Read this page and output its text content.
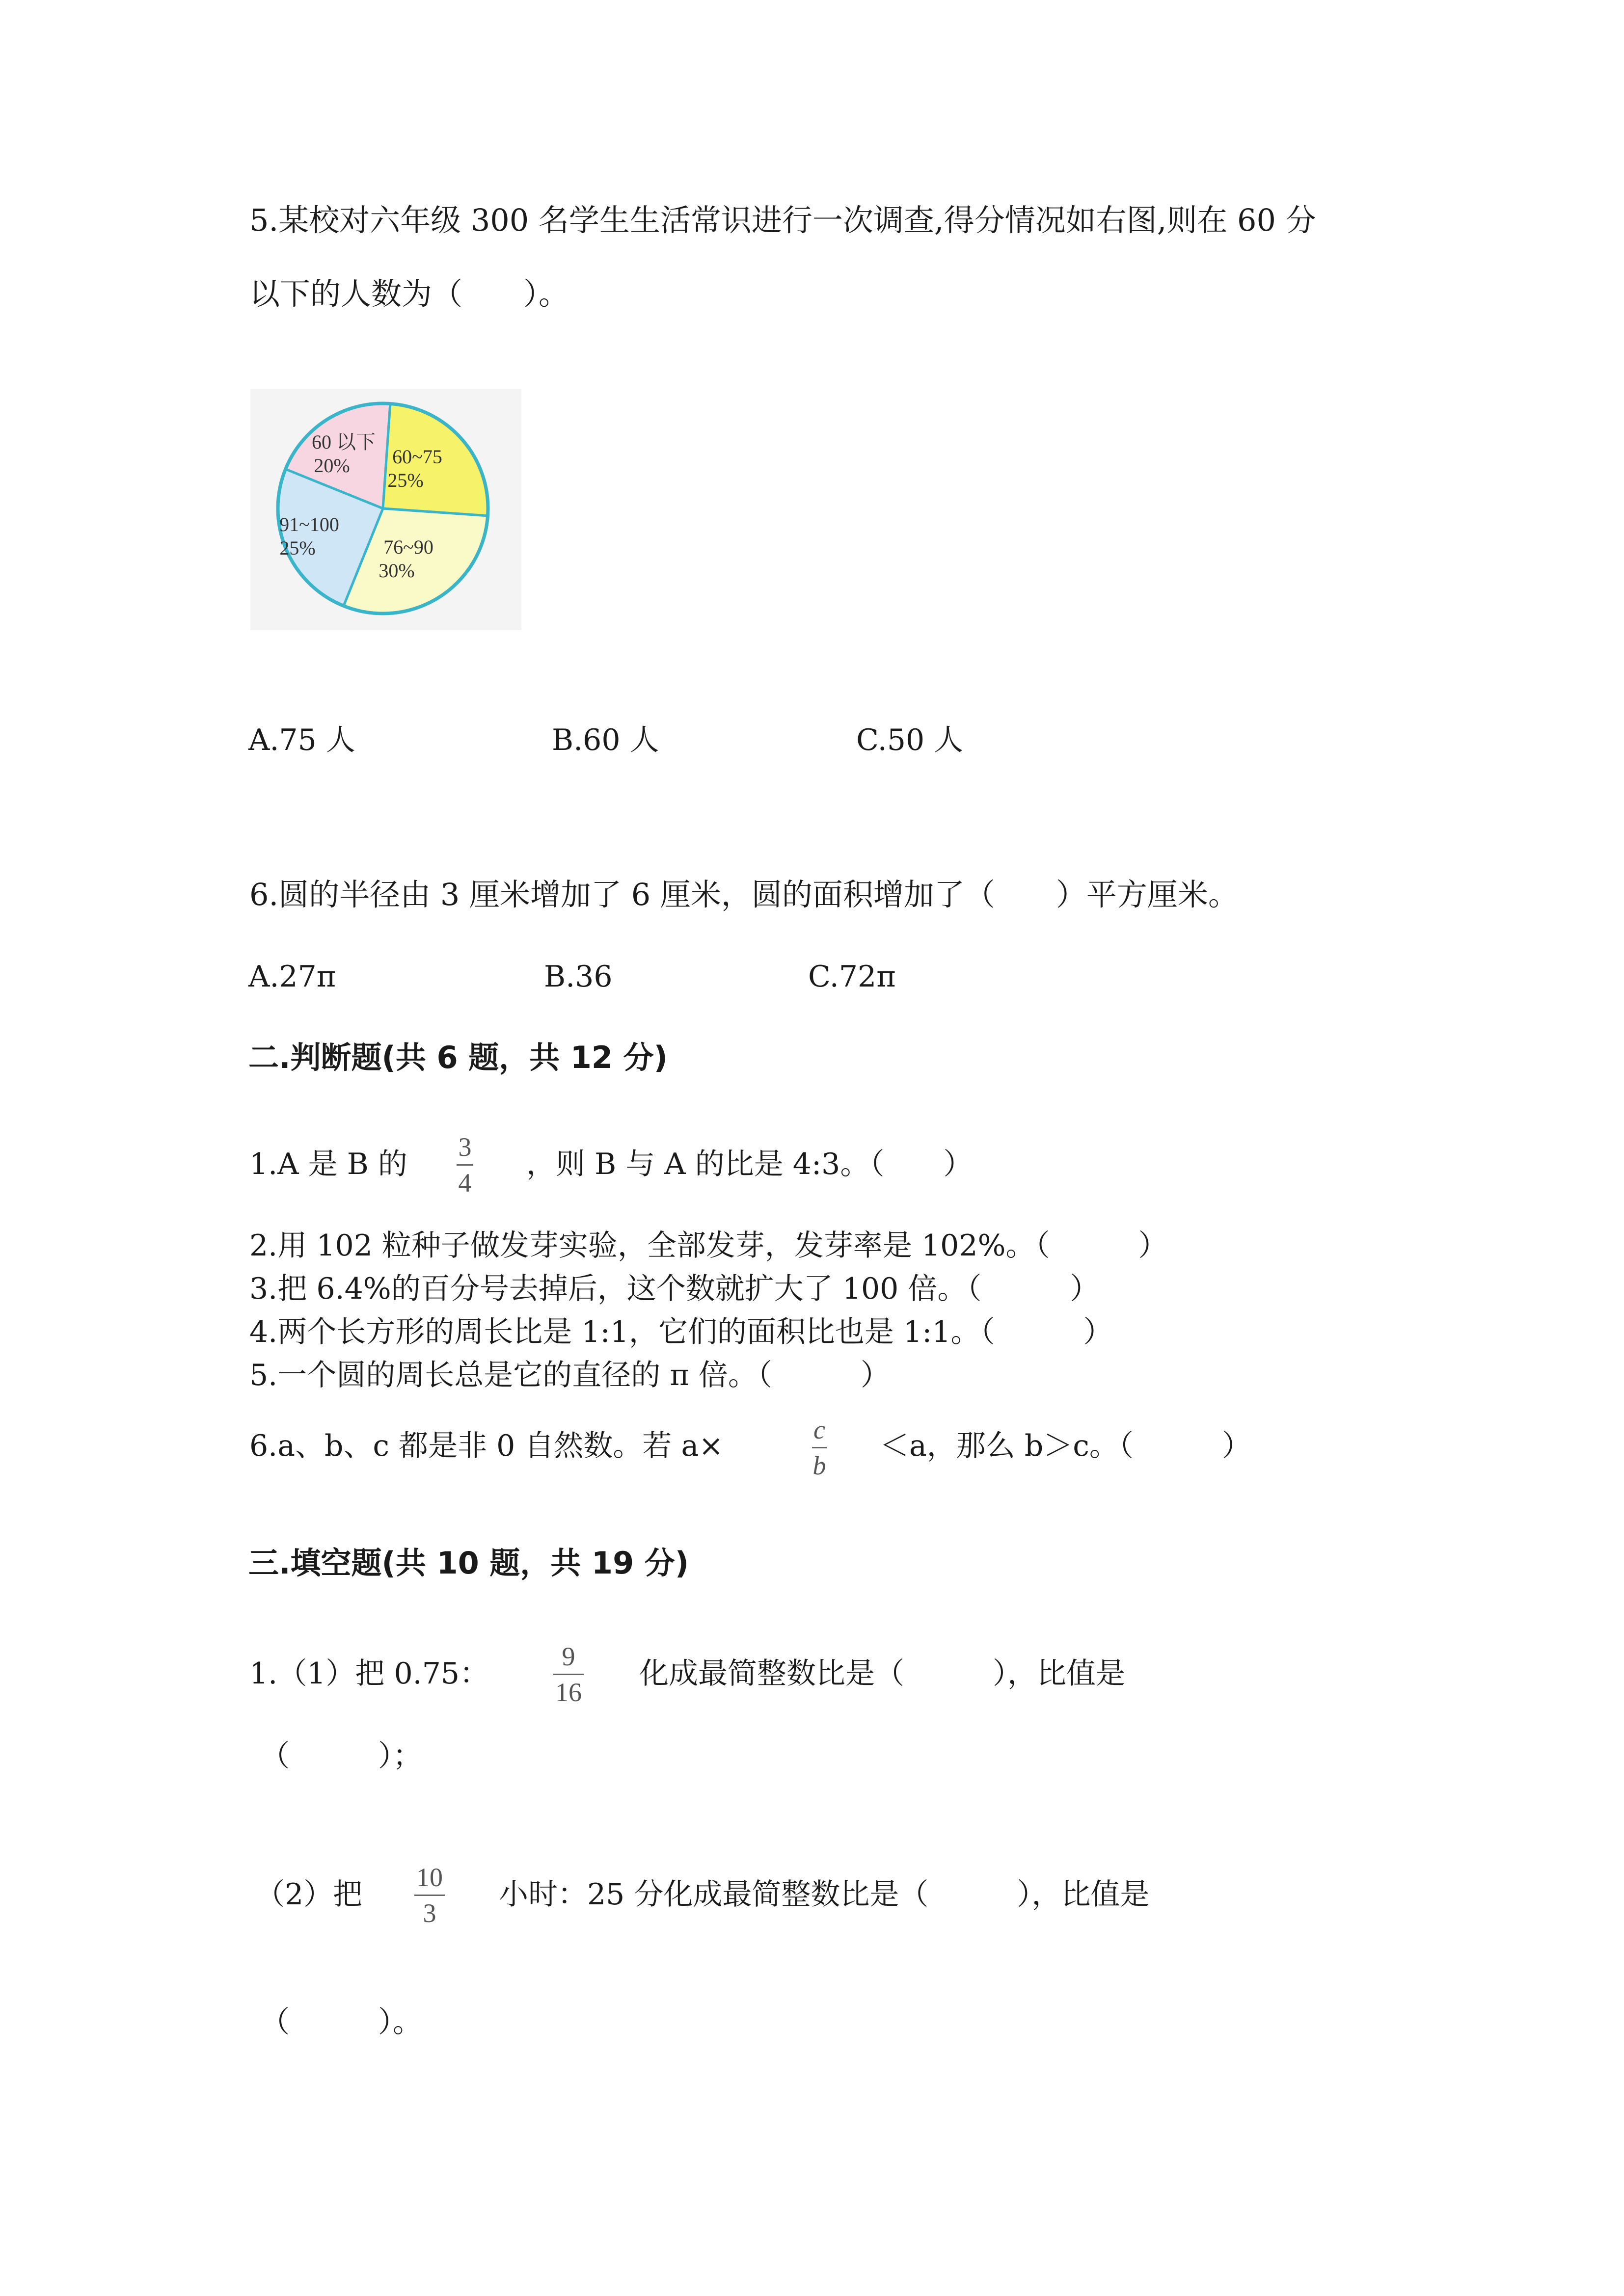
5.某校对六年级 300 名学生生活常识进行一次调查,得分情况如右图,则在 60 分
以下的人数为（　　）。
60 以下
20% 60~75
25%
76~90
30%
91~100
25%
A.75 人	B.60 人	C.50 人
6.圆的半径由 3 厘米增加了 6 厘米，圆的面积增加了（　　）平方厘米。
A.27π	B.36	C.72π
二.判断题(共 6 题，共 12 分)
1.A 是 B 的 3
4
，则 B 与 A 的比是 4:3。（　　）
2.用 102 粒种子做发芽实验，全部发芽，发芽率是 102%。（　　　）
3.把 6.4%的百分号去掉后，这个数就扩大了 100 倍。（　　　）
4.两个长方形的周长比是 1:1，它们的面积比也是 1:1。（　　　）
5.一个圆的周长总是它的直径的 π 倍。（　　　）
6.a、b、c 都是非 0 自然数。若 a×	c
b
＜a，那么 b＞c。（　　　）
三.填空题(共 10 题，共 19 分)
1.（1）把 0.75：	9
16
化成最简整数比是（　　　），比值是
（　　　）；
（2）把 10
3
小时：25 分化成最简整数比是（　　　），比值是
（　　　）。
